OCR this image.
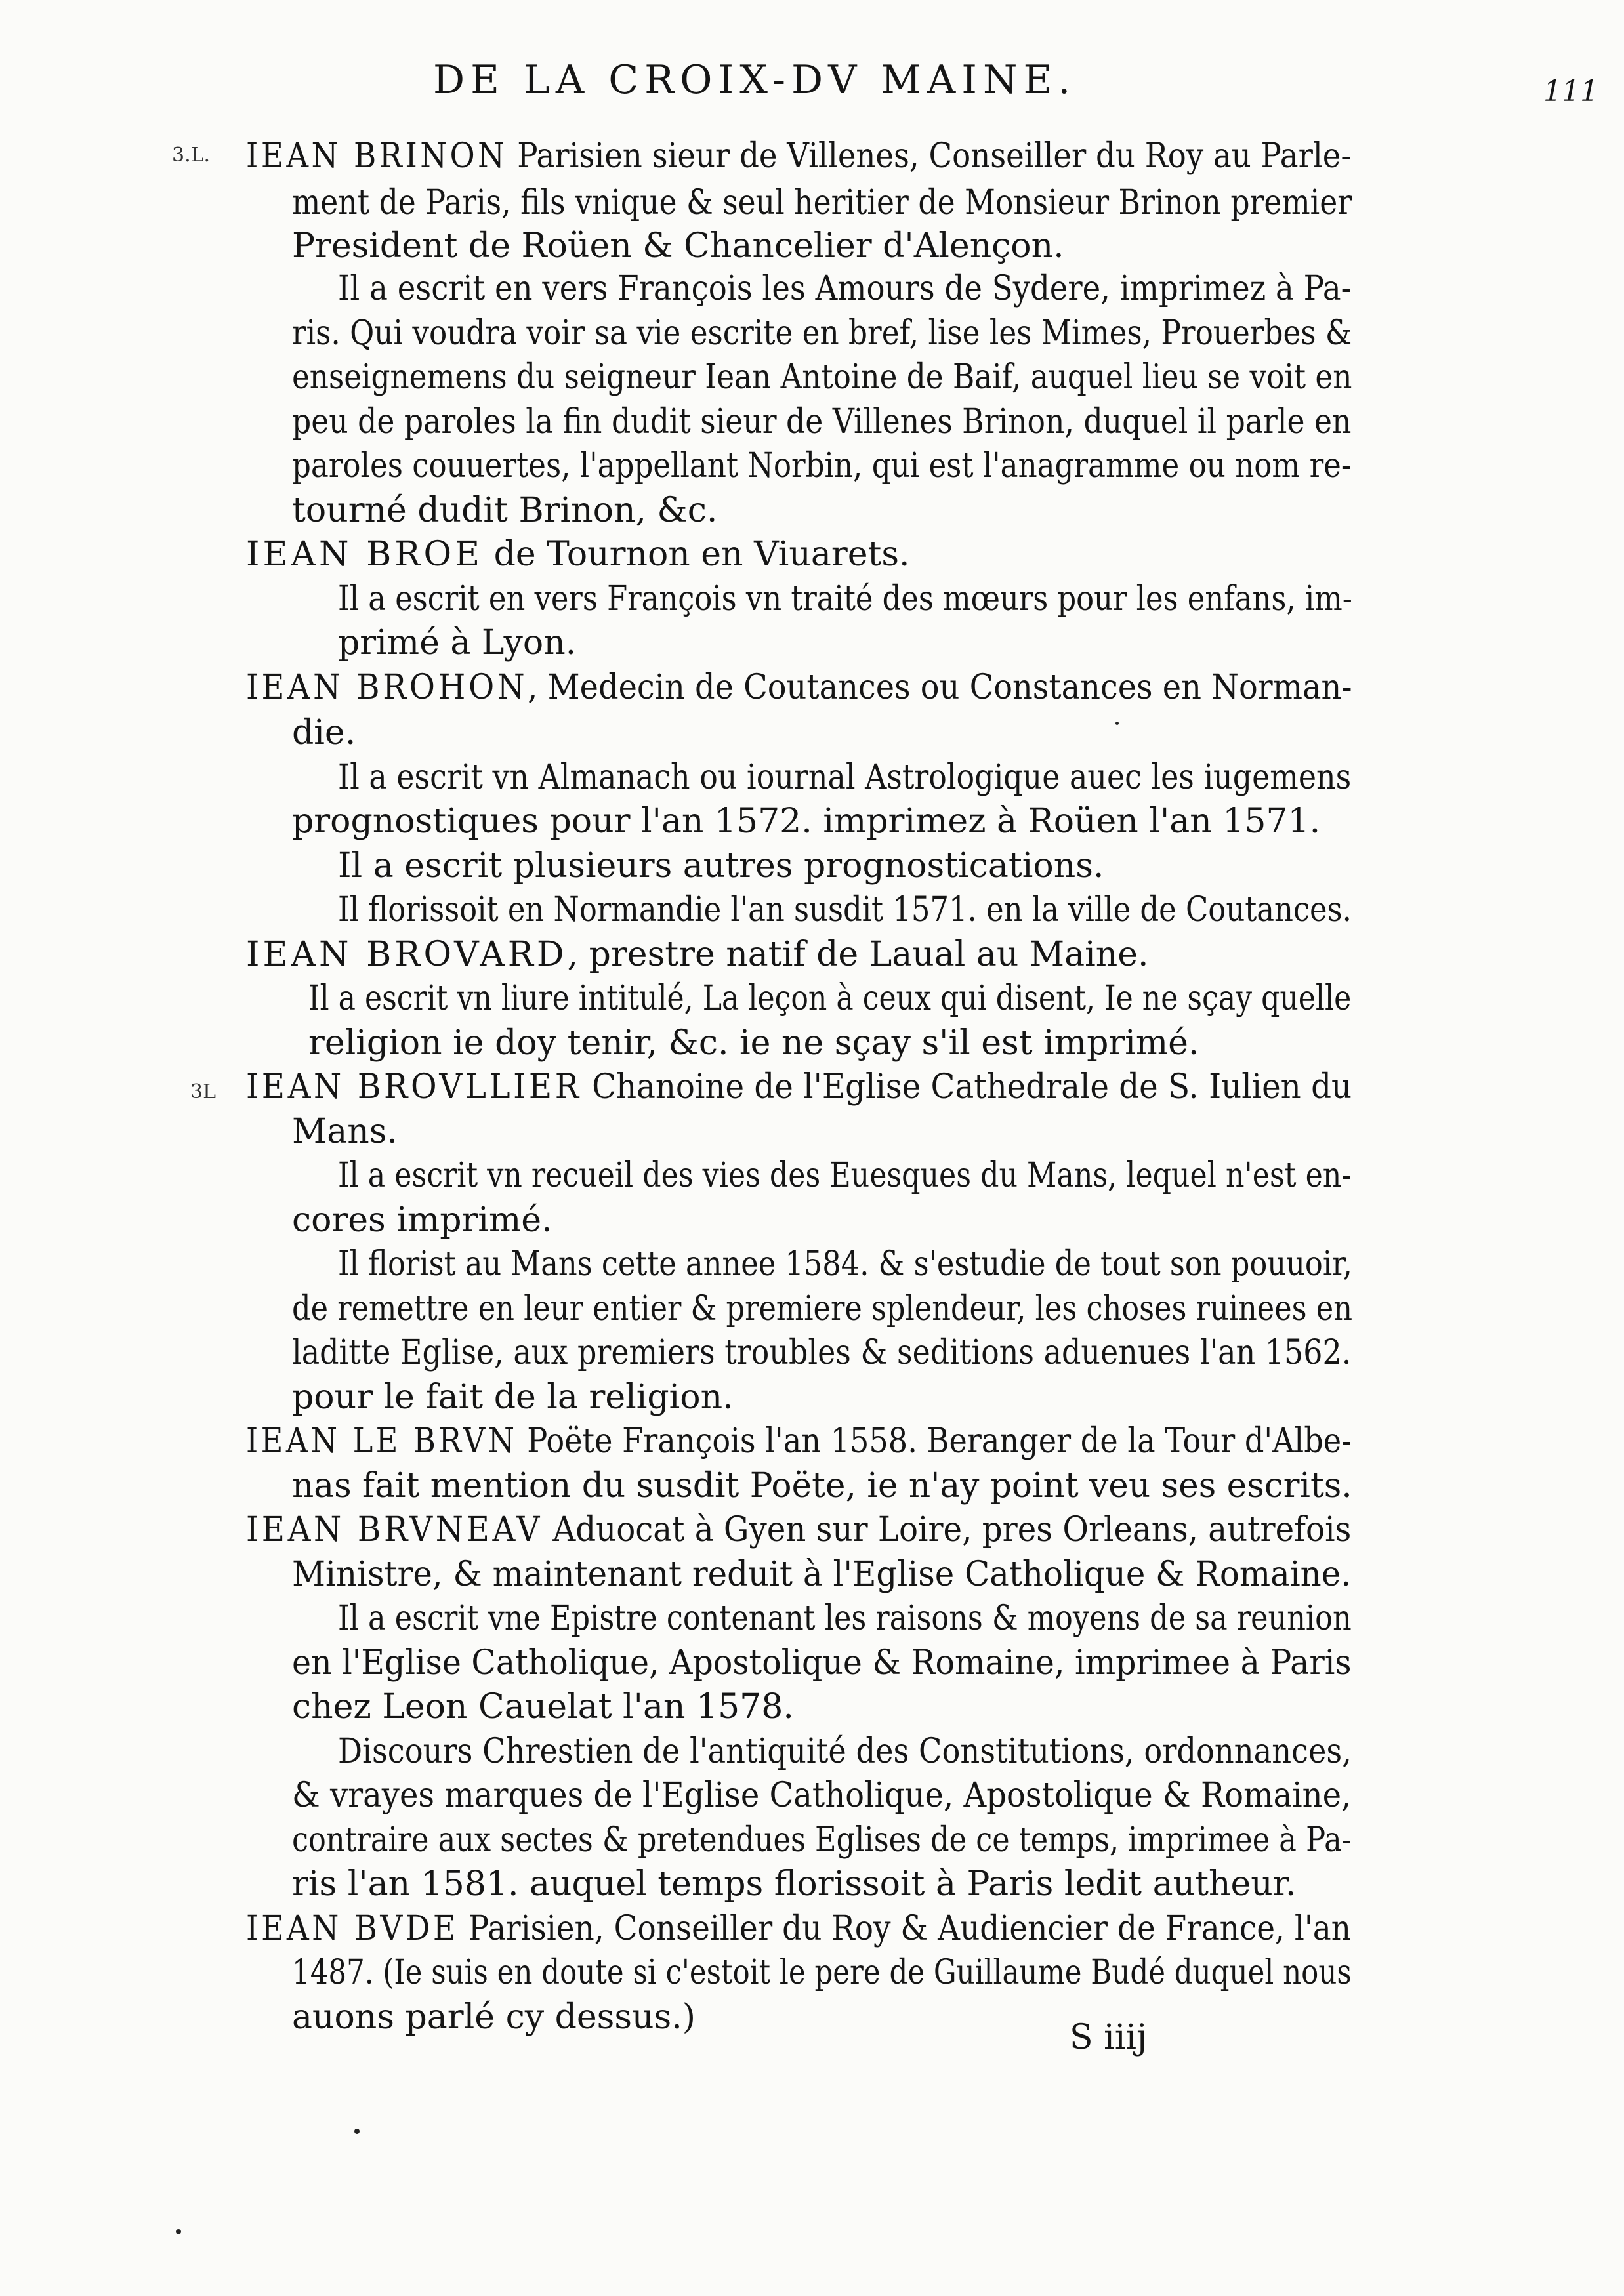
DE LA CROIX-DV MAINE.	111
3.L.
3L
IEAN BRINON Parisien sieur de Villenes, Conseiller du Roy au Parle-
ment de Paris, fils vnique & seul heritier de Monsieur Brinon premier
President de Roüen & Chancelier d'Alençon.
Il a escrit en vers François les Amours de Sydere, imprimez à Pa-
ris. Qui voudra voir sa vie escrite en bref, lise les Mimes, Prouerbes &
enseignemens du seigneur Iean Antoine de Baif, auquel lieu se voit en
peu de paroles la fin dudit sieur de Villenes Brinon, duquel il parle en
paroles couuertes, l'appellant Norbin, qui est l'anagramme ou nom re-
tourné dudit Brinon, &c.
IEAN BROE de Tournon en Viuarets.
Il a escrit en vers François vn traité des mœurs pour les enfans, im-
primé à Lyon.
IEAN BROHON, Medecin de Coutances ou Constances en Norman-
die.
Il a escrit vn Almanach ou iournal Astrologique auec les iugemens
prognostiques pour l'an 1572. imprimez à Roüen l'an 1571.
Il a escrit plusieurs autres prognostications.
Il florissoit en Normandie l'an susdit 1571. en la ville de Coutances.
IEAN BROVARD, prestre natif de Laual au Maine.
Il a escrit vn liure intitulé, La leçon à ceux qui disent, Ie ne sçay quelle
religion ie doy tenir, &c. ie ne sçay s'il est imprimé.
IEAN BROVLLIER Chanoine de l'Eglise Cathedrale de S. Iulien du
Mans.
Il a escrit vn recueil des vies des Euesques du Mans, lequel n'est en-
cores imprimé.
Il florist au Mans cette annee 1584. & s'estudie de tout son pouuoir,
de remettre en leur entier & premiere splendeur, les choses ruinees en
laditte Eglise, aux premiers troubles & seditions aduenues l'an 1562.
pour le fait de la religion.
IEAN LE BRVN Poëte François l'an 1558. Beranger de la Tour d'Albe-
nas fait mention du susdit Poëte, ie n'ay point veu ses escrits.
IEAN BRVNEAV Aduocat à Gyen sur Loire, pres Orleans, autrefois
Ministre, & maintenant reduit à l'Eglise Catholique & Romaine.
Il a escrit vne Epistre contenant les raisons & moyens de sa reunion
en l'Eglise Catholique, Apostolique & Romaine, imprimee à Paris
chez Leon Cauelat l'an 1578.
Discours Chrestien de l'antiquité des Constitutions, ordonnances,
& vrayes marques de l'Eglise Catholique, Apostolique & Romaine,
contraire aux sectes & pretendues Eglises de ce temps, imprimee à Pa-
ris l'an 1581. auquel temps florissoit à Paris ledit autheur.
IEAN BVDE Parisien, Conseiller du Roy & Audiencier de France, l'an
1487. (Ie suis en doute si c'estoit le pere de Guillaume Budé duquel nous
auons parlé cy dessus.)
S iiij
